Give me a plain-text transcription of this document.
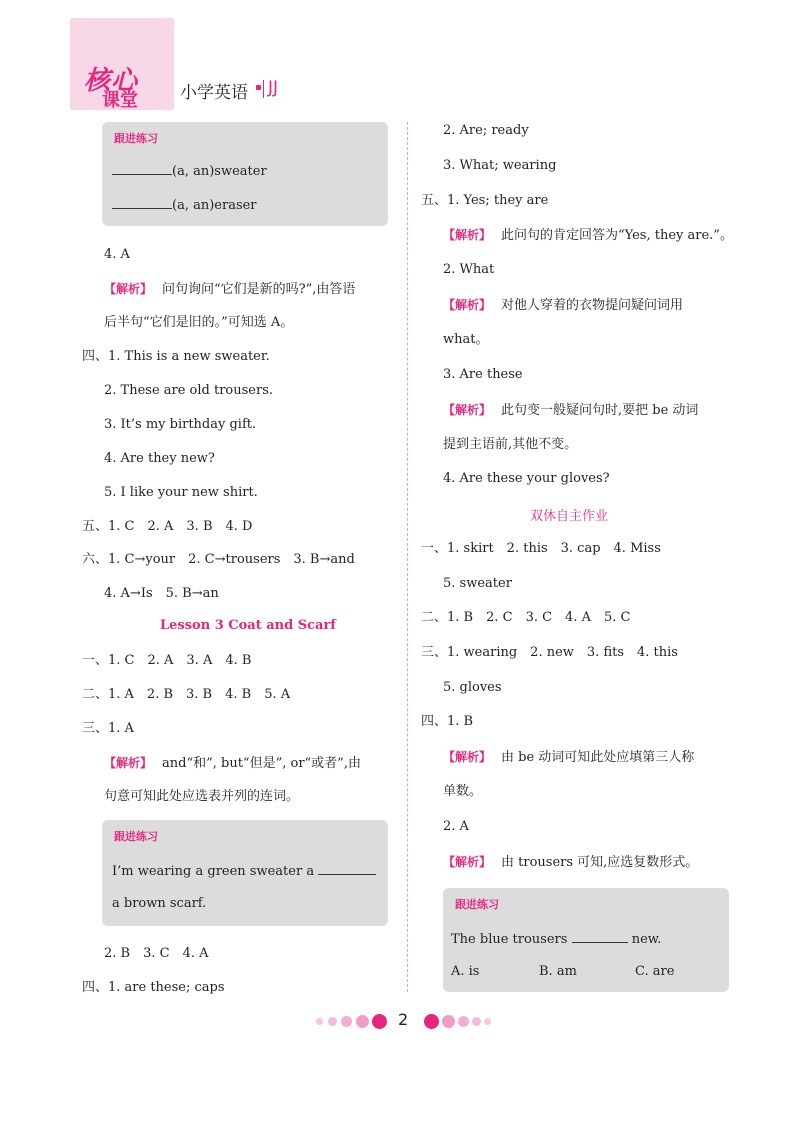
核心
课堂 小学英语 JJ
跟进练习
(a, an)sweater
(a, an)eraser
4. A
【解析】 问句询问“它们是新的吗?”,由答语
后半句“它们是旧的。”可知选 A。
四、1. This is a new sweater.
2. These are old trousers.
3. It’s my birthday gift.
4. Are they new?
5. I like your new shirt.
五、1. C　2. A　3. B　4. D
六、1. C→your　2. C→trousers　3. B→and
4. A→Is　5. B→an
Lesson 3 Coat and Scarf
一、1. C　2. A　3. A　4. B
二、1. A　2. B　3. B　4. B　5. A
三、1. A
【解析】 and“和”, but“但是”, or“或者”,由
句意可知此处应选表并列的连词。
跟进练习
I’m wearing a green sweater a
a brown scarf.
2. B　3. C　4. A
四、1. are these; caps
2. Are; ready
3. What; wearing
五、1. Yes; they are
【解析】 此问句的肯定回答为“Yes, they are.”。
2. What
【解析】 对他人穿着的衣物提问疑问词用
what。
3. Are these
【解析】 此句变一般疑问句时,要把 be 动词
提到主语前,其他不变。
4. Are these your gloves?
双休自主作业
一、1. skirt　2. this　3. cap　4. Miss
5. sweater
二、1. B　2. C　3. C　4. A　5. C
三、1. wearing　2. new　3. fits　4. this
5. gloves
四、1. B
【解析】 由 be 动词可知此处应填第三人称
单数。
2. A
【解析】 由 trousers 可知,应选复数形式。
跟进练习
The blue trousers	new.
A. is	B. am	C. are
2
